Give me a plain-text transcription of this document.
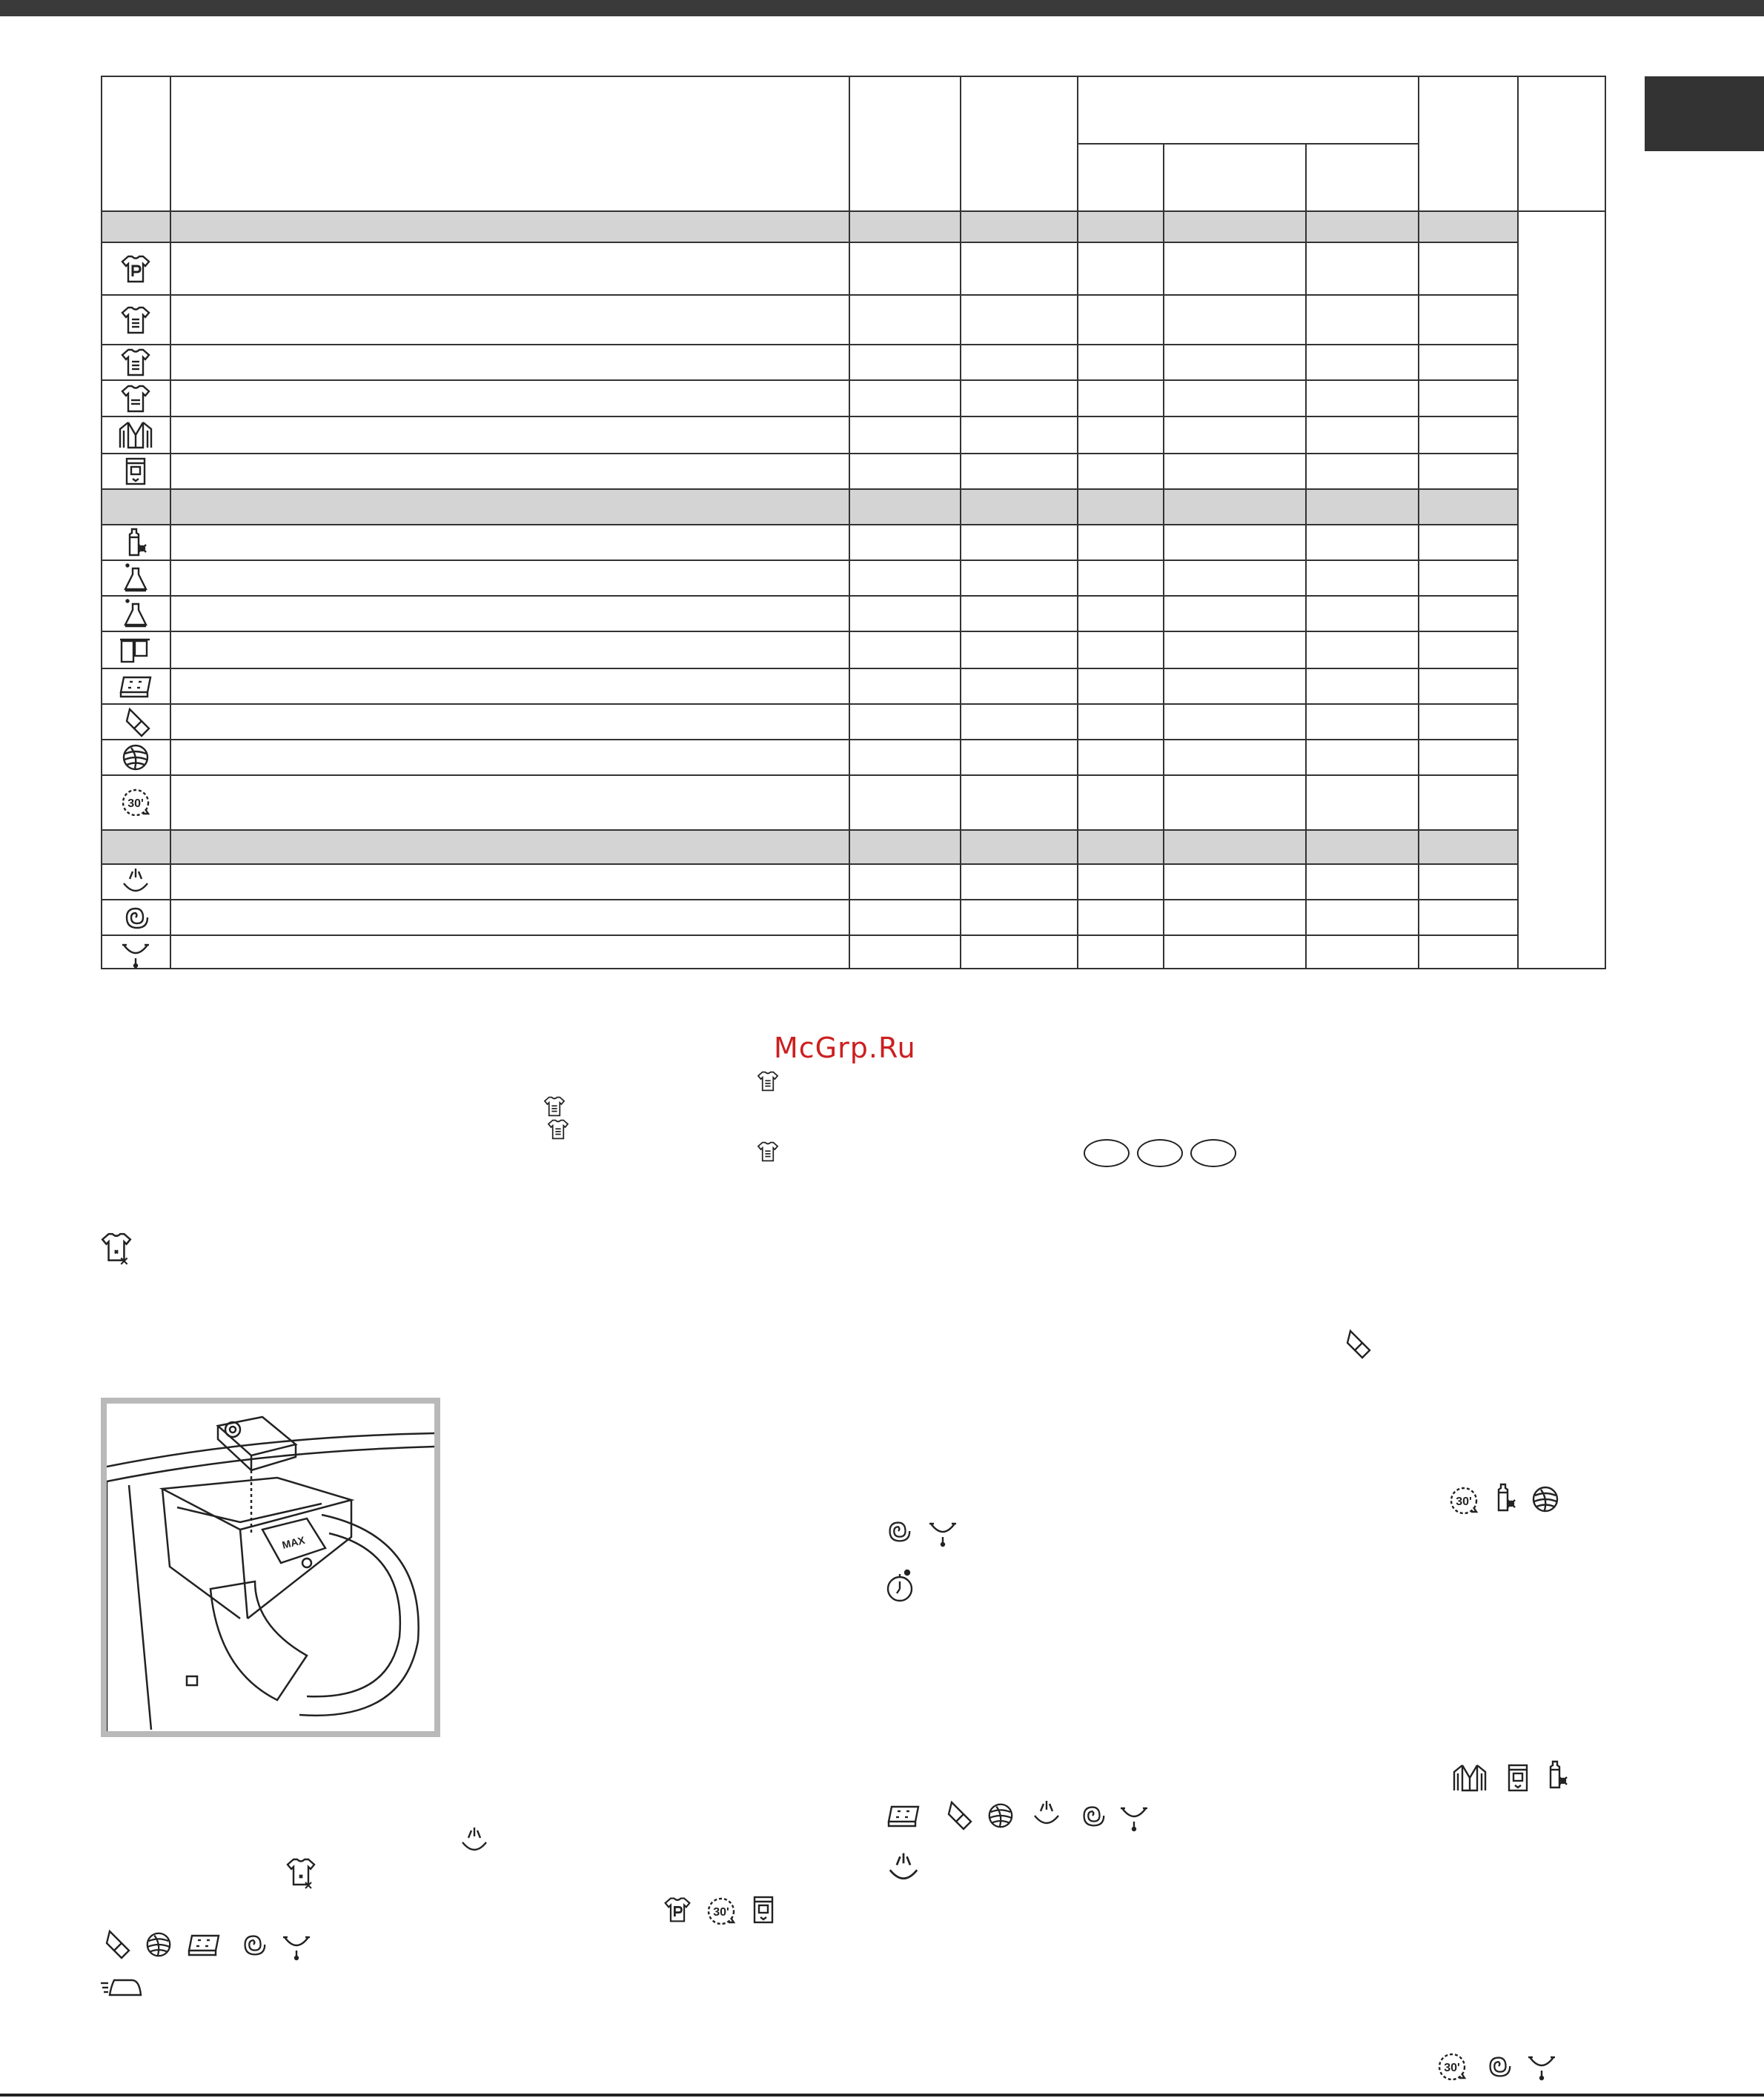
30'
McGrp.Ru
MAX
30'
30'
30'
